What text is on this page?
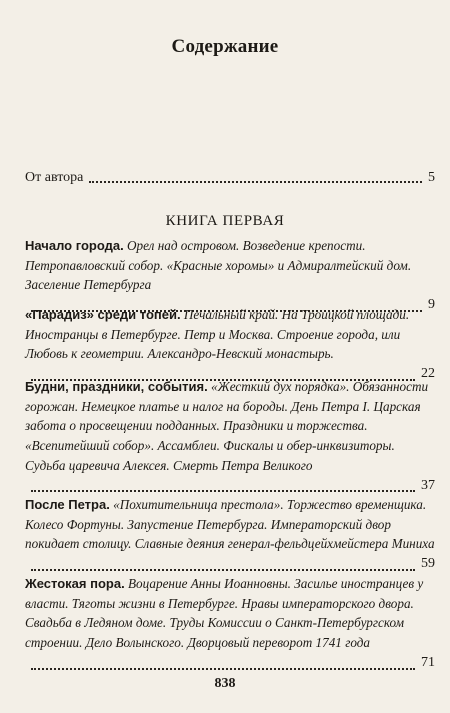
Содержание
От автора	5
КНИГА ПЕРВАЯ
Начало города. Орел над островом. Возведение крепости. Петропавловский собор. «Красные хоромы» и Адмиралтейский дом. Заселение Петербурга
9
«Парадиз» среди топей. Печальный край. На Троицкой площади. Иностранцы в Петербурге. Петр и Москва. Строение города, или Любовь к геометрии. Александро-Невский монастырь.
22
Будни, праздники, события. «Жесткий дух порядка». Обязанности горожан. Немецкое платье и налог на бороды. День Петра I. Царская забота о просвещении подданных. Праздники и торжества. «Всепитейший собор». Ассамблеи. Фискалы и обер-инквизиторы. Судьба царевича Алексея. Смерть Петра Великого
37
После Петра. «Похитительница престола». Торжество временщика. Колесо Фортуны. Запустение Петербурга. Императорский двор покидает столицу. Славные деяния генерал-фельдцейхмейстера Миниха
59
Жестокая пора. Воцарение Анны Иоанновны. Засилье иностранцев у власти. Тяготы жизни в Петербурге. Нравы императорского двора. Свадьба в Ледяном доме. Труды Комиссии о Санкт-Петербургском строении. Дело Волынского. Дворцовый переворот 1741 года
71
838
